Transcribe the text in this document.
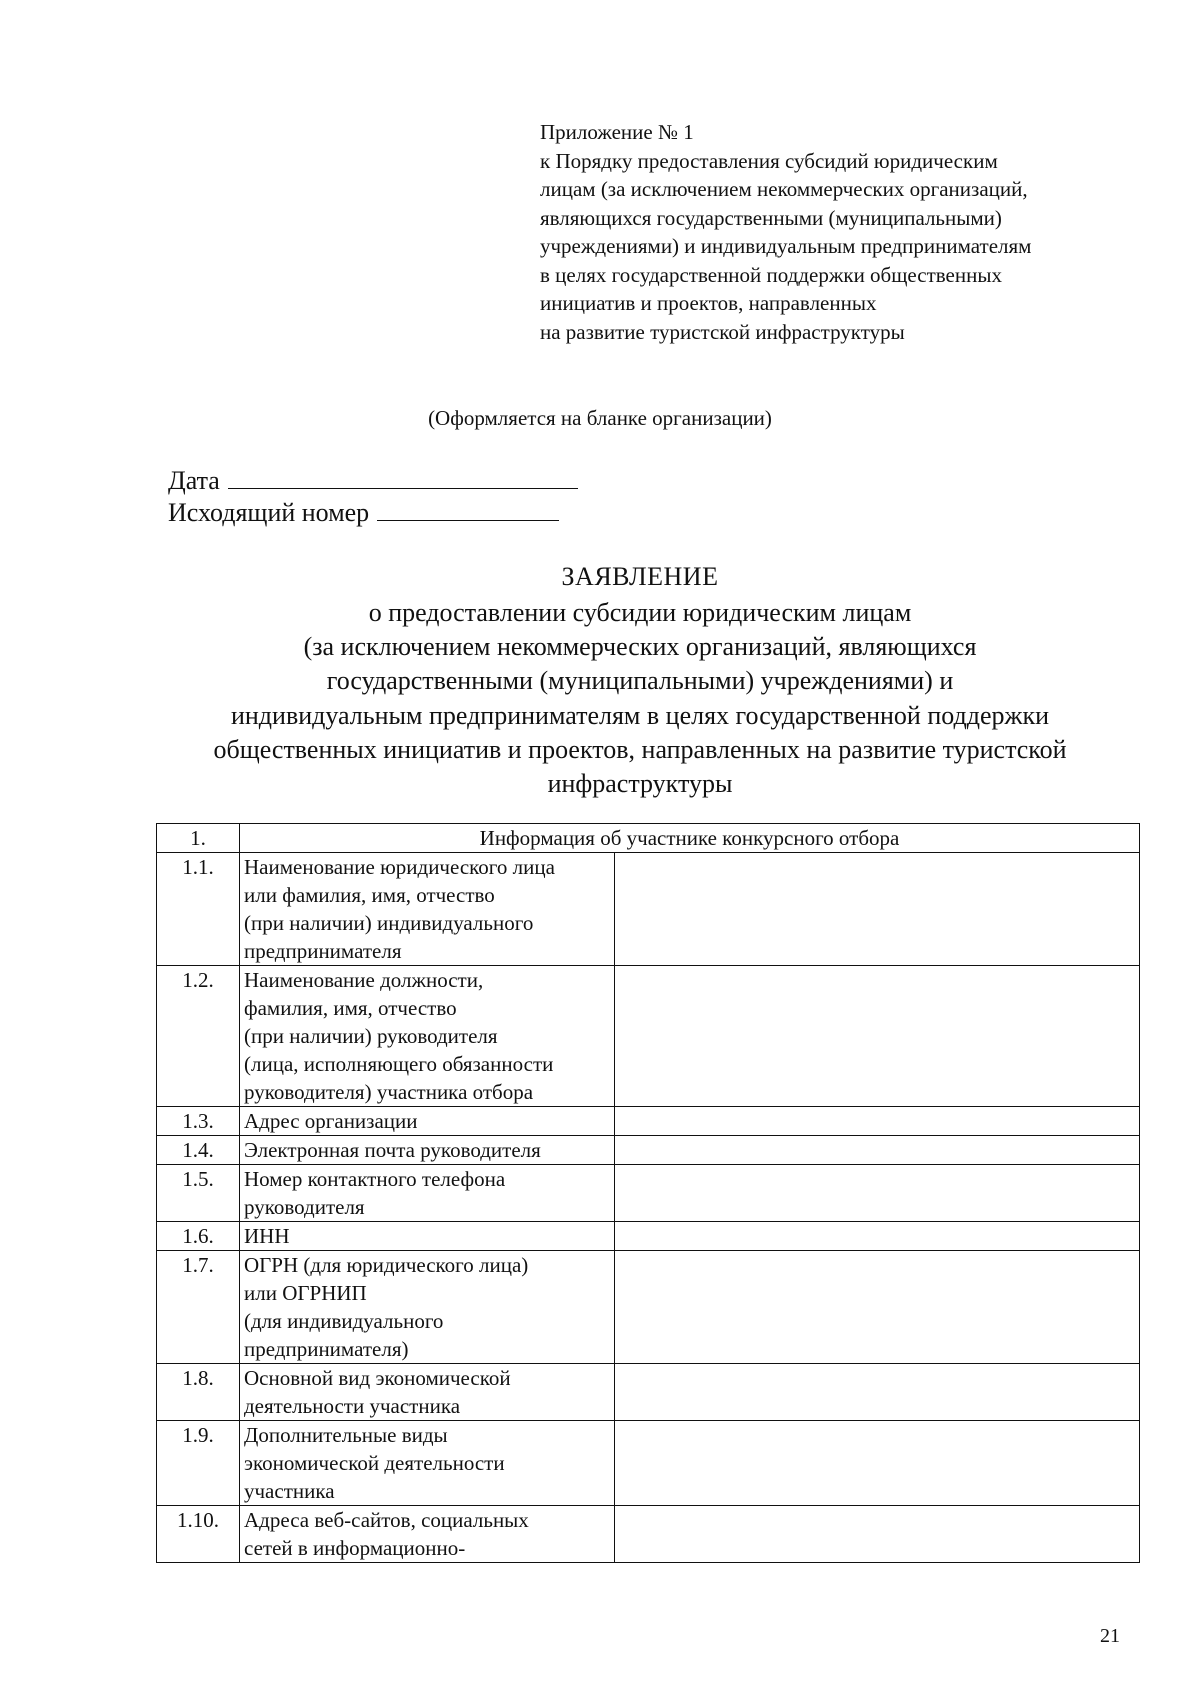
Приложение № 1
к Порядку предоставления субсидий юридическим
лицам (за исключением некоммерческих организаций,
являющихся государственными (муниципальными)
учреждениями) и индивидуальным предпринимателям
в целях государственной поддержки общественных
инициатив и проектов, направленных
на развитие туристской инфраструктуры
(Оформляется на бланке организации)
Дата
Исходящий номер
ЗАЯВЛЕНИЕ
о предоставлении субсидии юридическим лицам
(за исключением некоммерческих организаций, являющихся
государственными (муниципальными) учреждениями) и
индивидуальным предпринимателям в целях государственной поддержки
общественных инициатив и проектов, направленных на развитие туристской
инфраструктуры
1.	Информация об участнике конкурсного отбора	
1.1.	Наименование юридического лица
или фамилия, имя, отчество
(при наличии) индивидуального
предпринимателя	

1.2.	Наименование должности,
фамилия, имя, отчество
(при наличии) руководителя
(лица, исполняющего обязанности
руководителя) участника отбора	

1.3.	Адрес организации	

1.4.	Электронная почта руководителя	

1.5.	Номер контактного телефона
руководителя	

1.6.	ИНН	

1.7.	ОГРН (для юридического лица)
или ОГРНИП
(для индивидуального
предпринимателя)	

1.8.	Основной вид экономической
деятельности участника	

1.9.	Дополнительные виды
экономической деятельности
участника	

1.10.	Адреса веб-сайтов, социальных
сетей в информационно-	

21
